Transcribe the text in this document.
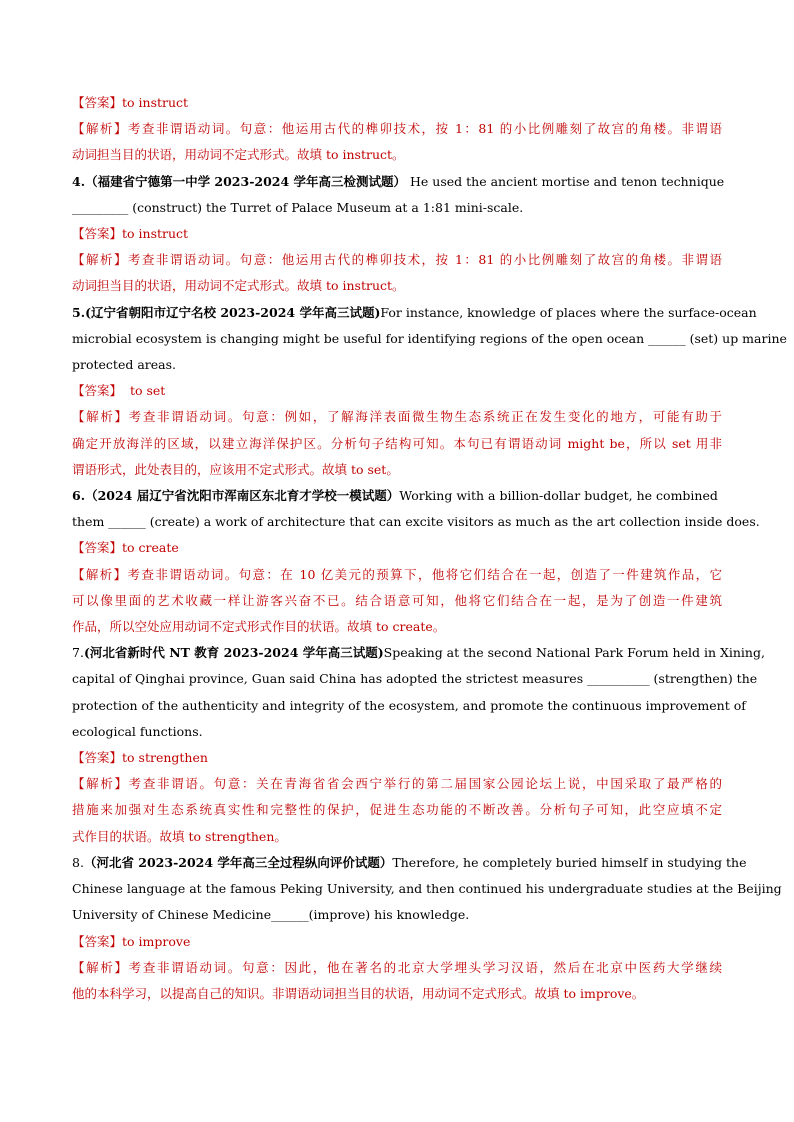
【答案】to instruct

【解析】考查非谓语动词。句意：他运用古代的榫卯技术，按 1：81 的小比例雕刻了故宫的角楼。非谓语

动词担当目的状语，用动词不定式形式。故填 to instruct。

4.（福建省宁德第一中学 2023-2024 学年高三检测试题） He used the ancient mortise and tenon technique

_________ (construct) the Turret of Palace Museum at a 1:81 mini-scale.

【答案】to instruct

【解析】考查非谓语动词。句意：他运用古代的榫卯技术，按 1：81 的小比例雕刻了故宫的角楼。非谓语

动词担当目的状语，用动词不定式形式。故填 to instruct。

5.(辽宁省朝阳市辽宁名校 2023-2024 学年高三试题)For instance, knowledge of places where the surface-ocean

microbial ecosystem is changing might be useful for identifying regions of the open ocean ______ (set) up marine

protected areas.

【答案】  to set

【解析】考查非谓语动词。句意：例如，了解海洋表面微生物生态系统正在发生变化的地方，可能有助于

确定开放海洋的区域，以建立海洋保护区。分析句子结构可知。本句已有谓语动词 might be，所以 set 用非

谓语形式，此处表目的，应该用不定式形式。故填 to set。

6.（2024 届辽宁省沈阳市浑南区东北育才学校一模试题）Working with a billion-dollar budget, he combined

them ______ (create) a work of architecture that can excite visitors as much as the art collection inside does.

【答案】to create

【解析】考查非谓语动词。句意：在 10 亿美元的预算下，他将它们结合在一起，创造了一件建筑作品，它

可以像里面的艺术收藏一样让游客兴奋不已。结合语意可知，他将它们结合在一起，是为了创造一件建筑

作品，所以空处应用动词不定式形式作目的状语。故填 to create。

7.(河北省新时代 NT 教育 2023-2024 学年高三试题)Speaking at the second National Park Forum held in Xining,

capital of Qinghai province, Guan said China has adopted the strictest measures __________ (strengthen) the

protection of the authenticity and integrity of the ecosystem, and promote the continuous improvement of

ecological functions.

【答案】to strengthen

【解析】考查非谓语。句意：关在青海省省会西宁举行的第二届国家公园论坛上说，中国采取了最严格的

措施来加强对生态系统真实性和完整性的保护，促进生态功能的不断改善。分析句子可知，此空应填不定

式作目的状语。故填 to strengthen。

8.（河北省 2023-2024 学年高三全过程纵向评价试题）Therefore, he completely buried himself in studying the

Chinese language at the famous Peking University, and then continued his undergraduate studies at the Beijing

University of Chinese Medicine______(improve) his knowledge.

【答案】to improve

【解析】考查非谓语动词。句意：因此，他在著名的北京大学埋头学习汉语，然后在北京中医药大学继续

他的本科学习，以提高自己的知识。非谓语动词担当目的状语，用动词不定式形式。故填 to improve。
